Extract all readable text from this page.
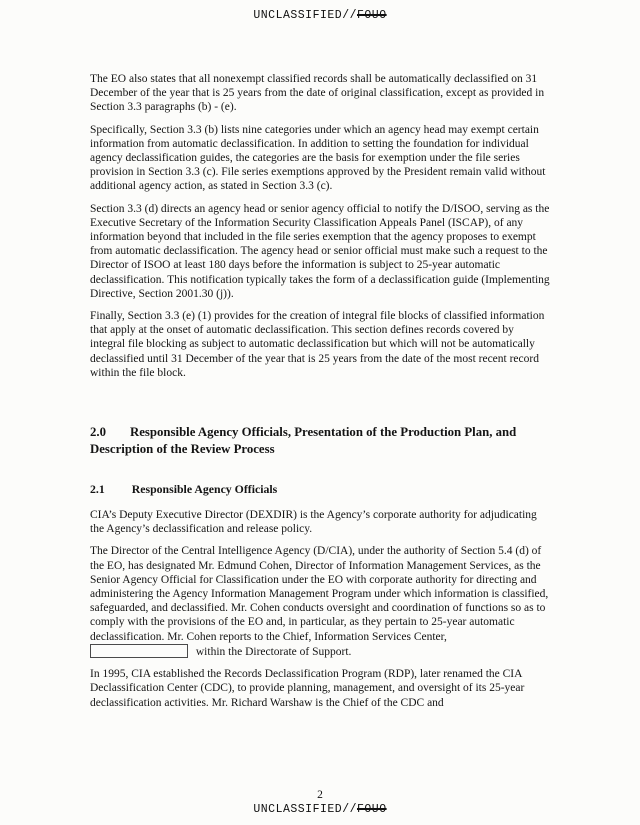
UNCLASSIFIED//FOUO

The EO also states that all nonexempt classified records shall be automatically declassified on 31 December of the year that is 25 years from the date of original classification, except as provided in Section 3.3 paragraphs (b) - (e).

Specifically, Section 3.3 (b) lists nine categories under which an agency head may exempt certain information from automatic declassification. In addition to setting the foundation for individual agency declassification guides, the categories are the basis for exemption under the file series provision in Section 3.3 (c). File series exemptions approved by the President remain valid without additional agency action, as stated in Section 3.3 (c).

Section 3.3 (d) directs an agency head or senior agency official to notify the D/ISOO, serving as the Executive Secretary of the Information Security Classification Appeals Panel (ISCAP), of any information beyond that included in the file series exemption that the agency proposes to exempt from automatic declassification. The agency head or senior official must make such a request to the Director of ISOO at least 180 days before the information is subject to 25-year automatic declassification. This notification typically takes the form of a declassification guide (Implementing Directive, Section 2001.30 (j)).

Finally, Section 3.3 (e) (1) provides for the creation of integral file blocks of classified information that apply at the onset of automatic declassification. This section defines records covered by integral file blocking as subject to automatic declassification but which will not be automatically declassified until 31 December of the year that is 25 years from the date of the most recent record within the file block.

2.0 Responsible Agency Officials, Presentation of the Production Plan, and Description of the Review Process
2.1 Responsible Agency Officials

CIA’s Deputy Executive Director (DEXDIR) is the Agency’s corporate authority for adjudicating the Agency’s declassification and release policy.

The Director of the Central Intelligence Agency (D/CIA), under the authority of Section 5.4 (d) of the EO, has designated Mr. Edmund Cohen, Director of Information Management Services, as the Senior Agency Official for Classification under the EO with corporate authority for directing and administering the Agency Information Management Program under which information is classified, safeguarded, and declassified. Mr. Cohen conducts oversight and coordination of functions so as to comply with the provisions of the EO and, in particular, as they pertain to 25-year automatic declassification. Mr. Cohen reports to the Chief, Information Services Center,  within the Directorate of Support.

In 1995, CIA established the Records Declassification Program (RDP), later renamed the CIA Declassification Center (CDC), to provide planning, management, and oversight of its 25-year declassification activities. Mr. Richard Warshaw is the Chief of the CDC and

2
UNCLASSIFIED//FOUO
